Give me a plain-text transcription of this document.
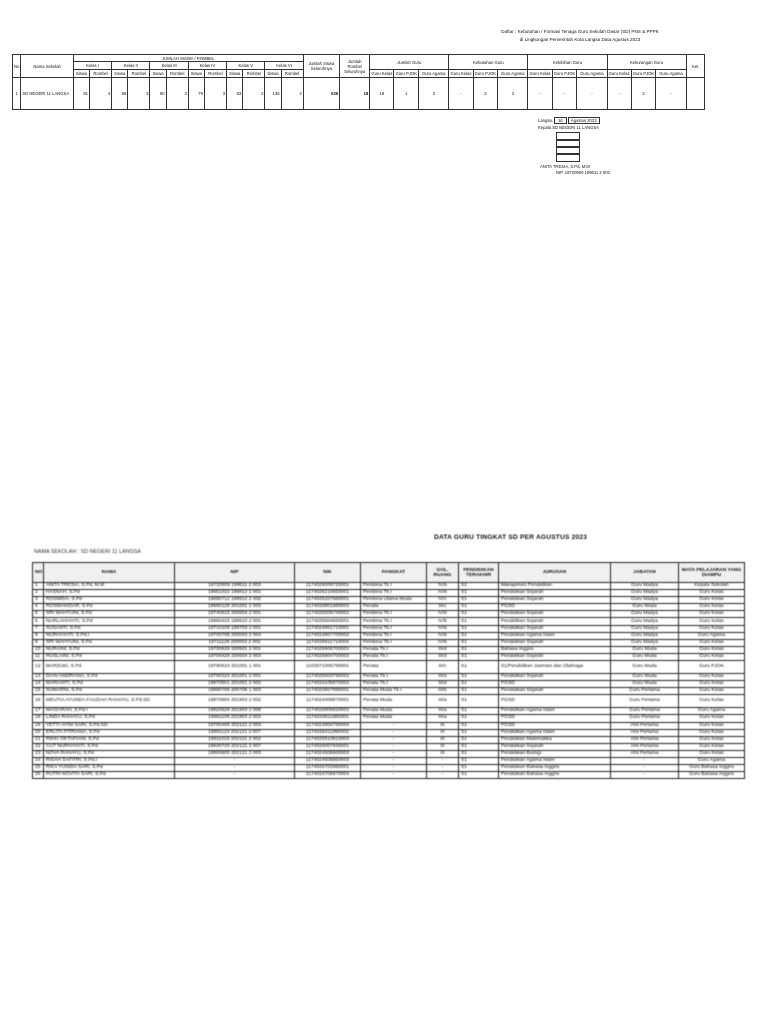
Daftar : Kebutuhan / Formasi Tenaga Guru Sekolah Dasar (SD) PNS & PPPK
di Lingkungan Pemerintah Kota Langsa Data Agustus 2023
No	Nama Sekolah	JUMLAH SISWA / ROMBEL												Jumlah Siswa Seluruhnya	Jumlah Rombel Seluruhnya	Jumlah Guru			Kebutuhan Guru			Kelebihan Guru			Kekurangan Guru			Ket
		Kelas I		Kelas II		Kelas III		Kelas IV		Kelas V		Kelas VI																
		Siswa	Rombel	Siswa	Rombel	Siswa	Rombel	Siswa	Rombel	Siswa	Rombel	Siswa	Rombel			Guru Kelas	Guru PJOK	Guru Agama	Guru Kelas	Guru PJOK	Guru Agama	Guru Kelas	Guru PJOK	Guru Agama	Guru Kelas	Guru PJOK	Guru Agama	
1	SD NEGERI 11 LANGSA	91	4	88	3	80	3	79	3	63	2	135	4	536	18	18	1	3	-	2	3	-	-	-	-	2	-	
Langsa, 16 Agustus 2023
Kepala SD NEGERI 11 LANGSA
ANITA TRESIA, S.Pd, M.M
NIP. 19720909 199611 2 003
DATA GURU TINGKAT SD PER AGUSTUS 2023
NAMA SEKOLAH : SD NEGERI 11 LANGSA
NO	NAMA	NIP	NIK	PANGKAT	GOL. RUANG	PENDIDIKAN TERAKHIR	JURUSAN	JABATAN	MATA PELAJARAN YANG DIAMPU
1	ANITA TRESIA, S.Pd, M.M	19720909 199611 2 003	1174026009720001	Pembina Tk.I	IV/b	S2	Manajemen Pendidikan	Guru Madya	Kepala Sekolah
2	HASNAH, S.Pd	19651022 198812 2 001	1174026210650001	Pembina Tk.I	IV/b	S1	Pendidikan Sejarah	Guru Madya	Guru Kelas
3	ROSMIDA, S.Pd	19680712 198912 2 002	1174025207680001	Pembina Utama Muda	IV/c	S1	Pendidikan Sejarah	Guru Madya	Guru Kelas
4	ROSMANIDAR, S.Pd	19680128 201001 2 003	1174026801680003	Penata	III/c	S1	PGSD	Guru Muda	Guru Kelas
5	SRI WAHYUNI, S.Pd	19740615 200904 2 001	1174025506740002	Pembina Tk.I	IV/b	S1	Pendidikan Sejarah	Guru Madya	Guru Kelas
6	NURLAHAYATI, S.Pd	19660415 198910 2 001	1174025504660001	Pembina Tk.I	IV/b	S1	Pendidikan Sejarah	Guru Madya	Guru Kelas
7	SUSANTI, S.Pd	19710109 199703 2 001	1174024901710001	Pembina Tk.I	IV/b	S1	Pendidikan Sejarah	Guru Madya	Guru Kelas
8	NURHAYATI, S.Pd.I	19700708 200003 2 004	1174024807700002	Pembina Tk.I	IV/b	S1	Pendidikan Agama Islam	Guru Madya	Guru Agama
9	SRI WAHYUNI, S.Pd	19711128 200003 2 002	1174026811710004	Pembina Tk.I	IV/b	S1	Pendidikan Sejarah	Guru Madya	Guru Kelas
10	NURAINI, S.Pd	19700629 200501 2 001	1174026906700001	Penata Tk.I	III/d	S1	Bahasa Inggris	Guru Muda	Guru Kelas
11	RUSLAINI, S.Pd	19700428 200604 2 003	1174026804700002	Penata Tk.I	III/d	S1	Pendidikan Sejarah	Guru Muda	Guru Kelas
12	MARZUKI, S.Pd	19790610 201001 1 001	1103071006790001	Penata	III/c	S1	S1/Pendidikan Jasmani dan Olahraga	Guru Muda	Guru PJOK
13	DIAN ANDRIANA, S.Pd	19790310 201001 2 001	1174025003790002	Penata Tk.I	III/d	S1	Pendidikan Sejarah	Guru Muda	Guru Kelas
14	MARIANTI, S.Pd	19870501 201001 2 002	1174024105870002	Penata Tk.I	III/d	S1	PGSD	Guru Muda	Guru Kelas
15	SUMARNI, S.Pd	19890706 200706 1 003	1174020607890001	Penata Muda Tk.I	III/b	S1	Pendidikan Sejarah	Guru Pertama	Guru Kelas
16	MEUTIA AYUNDA FAUZIAH RAHAYU, S.Pd.SD	19870904 201903 2 002	1174024409870001	Penata Muda	III/a	S1	PGSD	Guru Pertama	Guru Kelas
17	MAISARAH, S.Pd.I	19820628 201903 2 008	1174026806820002	Penata Muda	III/a	S1	Pendidikan Agama Islam	Guru Pertama	Guru Agama
18	LINDA RAHAYU, S.Pd	19861108 201903 2 003	1174024811860001	Penata Muda	III/a	S1	PGSD	Guru Pertama	Guru Kelas
19	YETTI AYINI SARI, S.Pd.SD	19790408 202121 2 003	1174024804790004	-	IX	S1	PGSD	Ahli Pertama	Guru Kelas
20	ERLITA FITRIANA, S.Pd	19891124 202121 2 007	1174026411890002	-	IX	S1	Pendidikan Agama Islam	Ahli Pertama	Guru Kelas
21	RIKKI OKTAFIANI, S.Pd	19911015 202121 2 002	1174025510910003	-	IX	S1	Pendidikan Matematika	Ahli Pertama	Guru Kelas
22	CUT NURHAYATI, S.Pd	19930720 202121 2 007	1174026007930001	-	IX	S1	Pendidikan Sejarah	Ahli Pertama	Guru Kelas
23	NOVA RAHAYU, S.Pd	19900605 202121 2 003	1174024506900003	-	IX	S1	Pendidikan Biologi	Ahli Pertama	Guru Kelas
24	RISAH SAFITRI, S.Pd.I	-	1174024509950003	-	-	S1	Pendidikan Agama Islam	-	Guru Agama
25	RIKA YUNIDA SARI, S.Pd	-	1174026702980001	-	-	S1	Pendidikan Bahasa Inggris	-	Guru Bahasa Inggris
26	PUTRI NOVITA SARI, S.Pd	-	1174024706970004	-	-	S1	Pendidikan Bahasa Inggris	-	Guru Bahasa Inggris
